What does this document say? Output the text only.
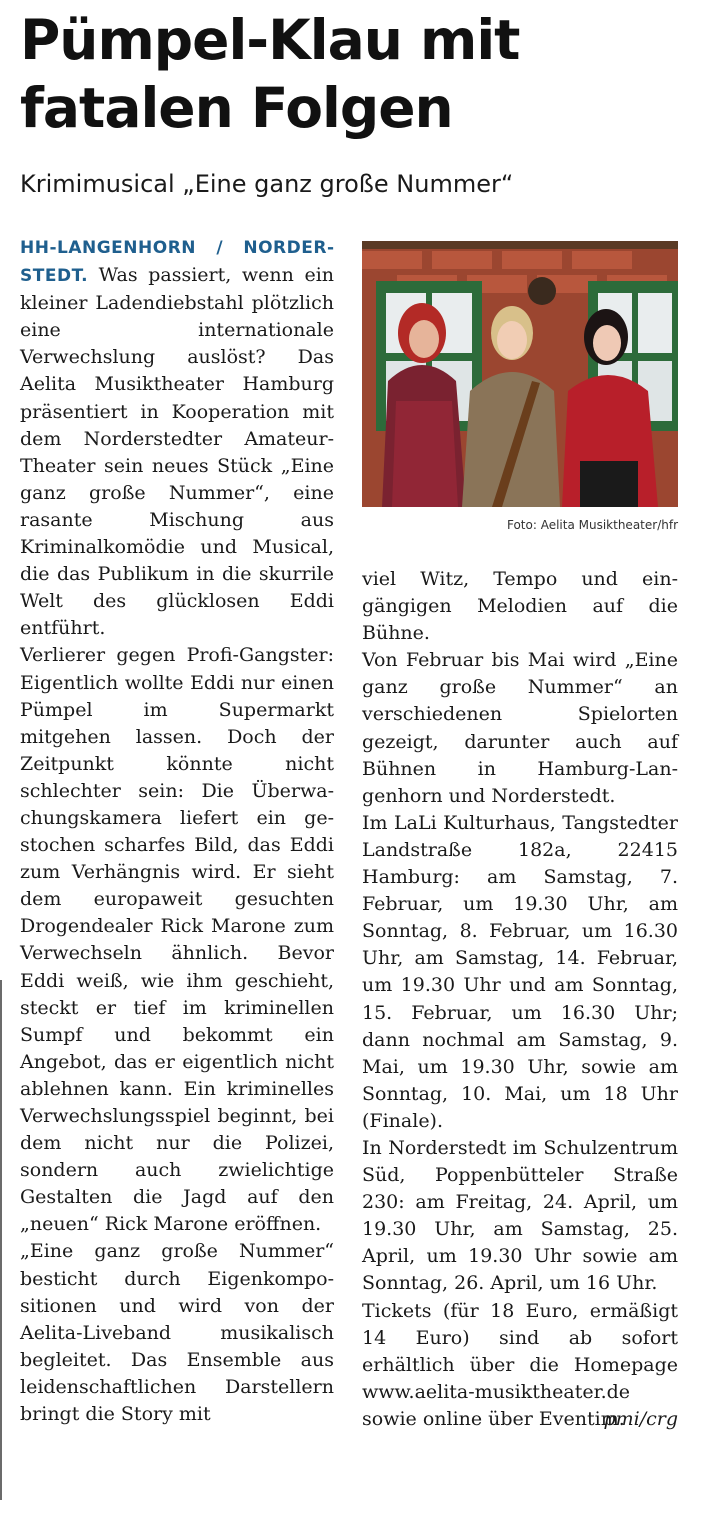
Pümpel-Klau mit
fatalen Folgen

Krimimusical „Eine ganz große Nummer“

Foto: Aelita Musiktheater/hfr

HH-LANGENHORN / NORDERSTEDT. Was passiert, wenn ein kleiner Ladendiebstahl plötzlich eine internationale Verwechslung auslöst? Das Aelita Musiktheater Hamburg präsentiert in Kooperation mit dem Norderstedter Amateur-Theater sein neues Stück „Eine ganz große Nummer“, eine rasante Mischung aus Kriminalkomödie und Musical, die das Publikum in die skurrile Welt des glücklosen Eddi entführt.

Verlierer gegen Profi-Gangster: Eigentlich wollte Eddi nur einen Pümpel im Supermarkt mitgehen lassen. Doch der Zeitpunkt könnte nicht schlechter sein: Die Überwachungskamera liefert ein gestochen scharfes Bild, das Eddi zum Verhängnis wird. Er sieht dem europaweit gesuchten Drogendealer Rick Marone zum Verwechseln ähnlich. Bevor Eddi weiß, wie ihm geschieht, steckt er tief im kriminellen Sumpf und bekommt ein Angebot, das er eigentlich nicht ablehnen kann. Ein kriminelles Verwechslungsspiel beginnt, bei dem nicht nur die Polizei, sondern auch zwielichtige Gestalten die Jagd auf den „neuen“ Rick Marone eröffnen.

„Eine ganz große Nummer“ besticht durch Eigenkompositionen und wird von der Aelita-Liveband musikalisch begleitet. Das Ensemble aus leidenschaftlichen Darstellern bringt die Story mit

viel Witz, Tempo und eingängigen Melodien auf die Bühne.

Von Februar bis Mai wird „Eine ganz große Nummer“ an verschiedenen Spielorten gezeigt, darunter auch auf Bühnen in Hamburg-Langenhorn und Norderstedt.

Im LaLi Kulturhaus, Tangstedter Landstraße 182a, 22415 Hamburg: am Samstag, 7. Februar, um 19.30 Uhr, am Sonntag, 8. Februar, um 16.30 Uhr, am Samstag, 14. Februar, um 19.30 Uhr und am Sonntag, 15. Februar, um 16.30 Uhr; dann nochmal am Samstag, 9. Mai, um 19.30 Uhr, sowie am Sonntag, 10. Mai, um 18 Uhr (Finale).

In Norderstedt im Schulzentrum Süd, Poppenbütteler Straße 230: am Freitag, 24. April, um 19.30 Uhr, am Samstag, 25. April, um 19.30 Uhr sowie am Sonntag, 26. April, um 16 Uhr.

Tickets (für 18 Euro, ermäßigt 14 Euro) sind ab sofort erhältlich über die Homepage www.aelita-musiktheater.de sowie online über Eventim.

pmi/crg
